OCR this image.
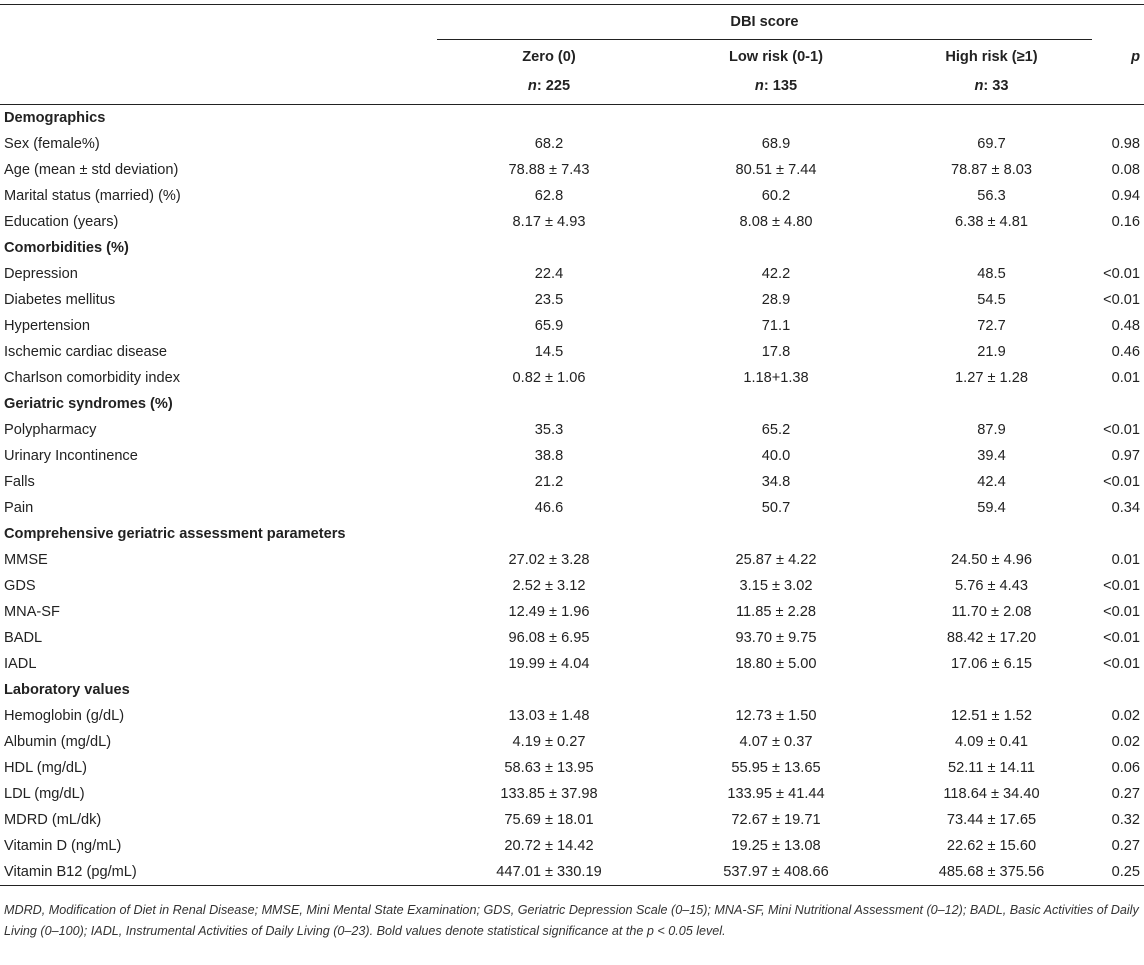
	DBI score			
	Zero (0)	Low risk (0-1)	High risk (≥1)	p
	n: 225	n: 135	n: 33	
Demographics				
Sex (female%)	68.2	68.9	69.7	0.98
Age (mean ± std deviation)	78.88 ± 7.43	80.51 ± 7.44	78.87 ± 8.03	0.08
Marital status (married) (%)	62.8	60.2	56.3	0.94
Education (years)	8.17 ± 4.93	8.08 ± 4.80	6.38 ± 4.81	0.16
Comorbidities (%)				
Depression	22.4	42.2	48.5	<0.01
Diabetes mellitus	23.5	28.9	54.5	<0.01
Hypertension	65.9	71.1	72.7	0.48
Ischemic cardiac disease	14.5	17.8	21.9	0.46
Charlson comorbidity index	0.82 ± 1.06	1.18+1.38	1.27 ± 1.28	0.01
Geriatric syndromes (%)				
Polypharmacy	35.3	65.2	87.9	<0.01
Urinary Incontinence	38.8	40.0	39.4	0.97
Falls	21.2	34.8	42.4	<0.01
Pain	46.6	50.7	59.4	0.34
Comprehensive geriatric assessment parameters				
MMSE	27.02 ± 3.28	25.87 ± 4.22	24.50 ± 4.96	0.01
GDS	2.52 ± 3.12	3.15 ± 3.02	5.76 ± 4.43	<0.01
MNA-SF	12.49 ± 1.96	11.85 ± 2.28	11.70 ± 2.08	<0.01
BADL	96.08 ± 6.95	93.70 ± 9.75	88.42 ± 17.20	<0.01
IADL	19.99 ± 4.04	18.80 ± 5.00	17.06 ± 6.15	<0.01
Laboratory values				
Hemoglobin (g/dL)	13.03 ± 1.48	12.73 ± 1.50	12.51 ± 1.52	0.02
Albumin (mg/dL)	4.19 ± 0.27	4.07 ± 0.37	4.09 ± 0.41	0.02
HDL (mg/dL)	58.63 ± 13.95	55.95 ± 13.65	52.11 ± 14.11	0.06
LDL (mg/dL)	133.85 ± 37.98	133.95 ± 41.44	118.64 ± 34.40	0.27
MDRD (mL/dk)	75.69 ± 18.01	72.67 ± 19.71	73.44 ± 17.65	0.32
Vitamin D (ng/mL)	20.72 ± 14.42	19.25 ± 13.08	22.62 ± 15.60	0.27
Vitamin B12 (pg/mL)	447.01 ± 330.19	537.97 ± 408.66	485.68 ± 375.56	0.25

MDRD, Modification of Diet in Renal Disease; MMSE, Mini Mental State Examination; GDS, Geriatric Depression Scale (0–15); MNA-SF, Mini Nutritional Assessment (0–12); BADL, Basic Activities of Daily Living (0–100); IADL, Instrumental Activities of Daily Living (0–23). Bold values denote statistical significance at the p < 0.05 level.
